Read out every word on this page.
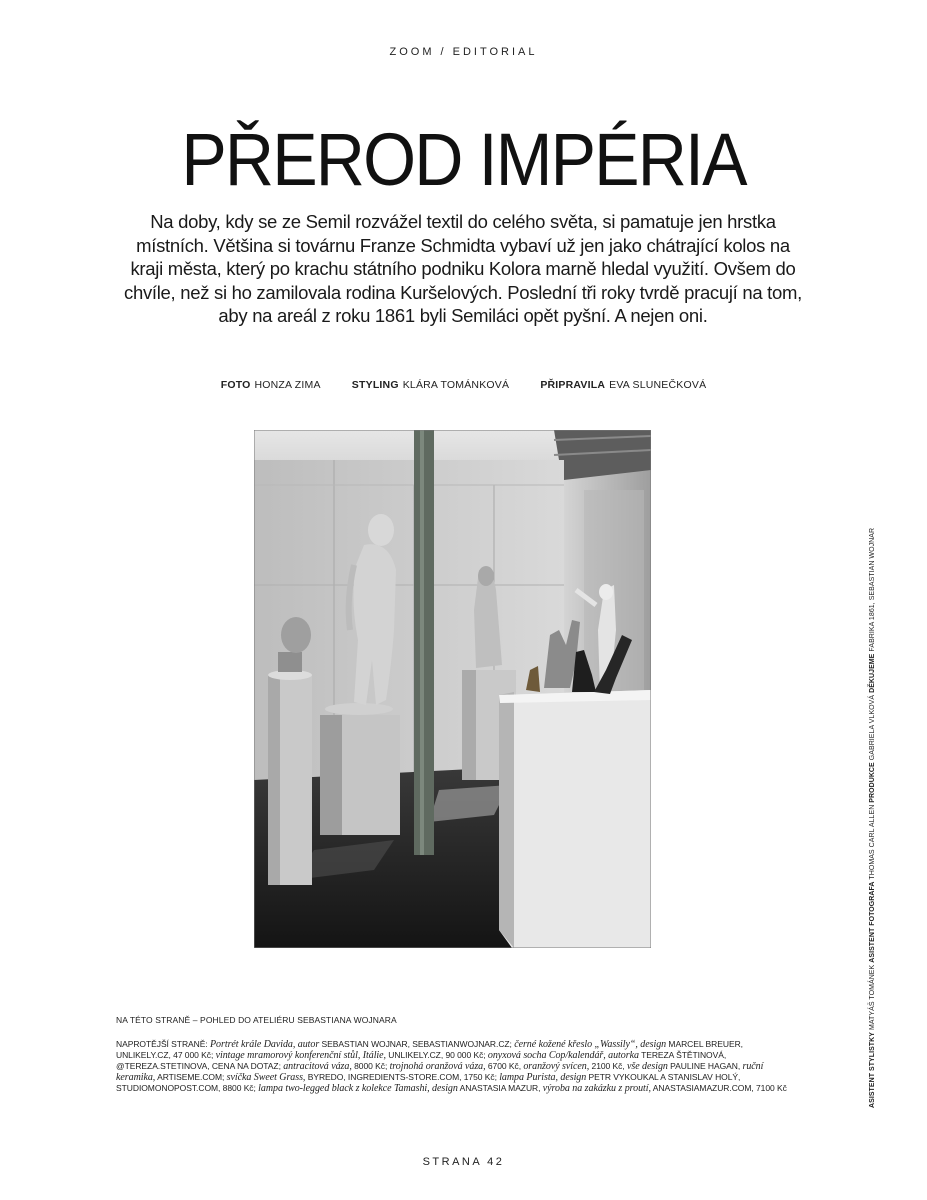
ZOOM / EDITORIAL
PŘEROD IMPÉRIA

Na doby, kdy se ze Semil rozvážel textil do celého světa, si pamatuje jen hrstka místních. Většina si továrnu Franze Schmidta vybaví už jen jako chátrající kolos na kraji města, který po krachu státního podniku Kolora marně hledal využití. Ovšem do chvíle, než si ho zamilovala rodina Kuršelových. Poslední tři roky tvrdě pracují na tom, aby na areál z roku 1861 byli Semiláci opět pyšní. A nejen oni.

FOTO HONZA ZIMA	STYLING KLÁRA TOMÁNKOVÁ	PŘIPRAVILA EVA SLUNEČKOVÁ
ASISTENT STYLISTKY MATYÁŠ TOMÁNEK ASISTENT FOTOGRAFA THOMAS CARL ALLEN PRODUKCE GABRIELA VLKOVÁ DĚKUJEME FABRIKA 1861, SEBASTIAN WOJNAR
NA TÉTO STRANĚ – POHLED DO ATELIÉRU SEBASTIANA WOJNARA

NAPROTĚJŠÍ STRANĚ: Portrét krále Davida, autor SEBASTIAN WOJNAR, SEBASTIANWOJNAR.CZ; černé kožené křeslo „Wassily“, design MARCEL BREUER, UNLIKELY.CZ, 47 000 Kč; vintage mramorový konferenční stůl, Itálie, UNLIKELY.CZ, 90 000 Kč; onyxová socha Cop/kalendář, autorka TEREZA ŠTĚTINOVÁ, @TEREZA.STETINOVA, CENA NA DOTAZ; antracitová váza, 8000 Kč; trojnohá oranžová váza, 6700 Kč, oranžový svícen, 2100 Kč, vše design PAULINE HAGAN, ruční keramika, ARTISEME.COM; svíčka Sweet Grass, BYREDO, INGREDIENTS-STORE.COM, 1750 Kč; lampa Purista, design PETR VYKOUKAL A STANISLAV HOLÝ, STUDIOMONOPOST.COM, 8800 Kč; lampa two-legged black z kolekce Tamashi, design ANASTASIA MAZUR, výroba na zakázku z proutí, ANASTASIAMAZUR.COM, 7100 Kč

STRANA 42
